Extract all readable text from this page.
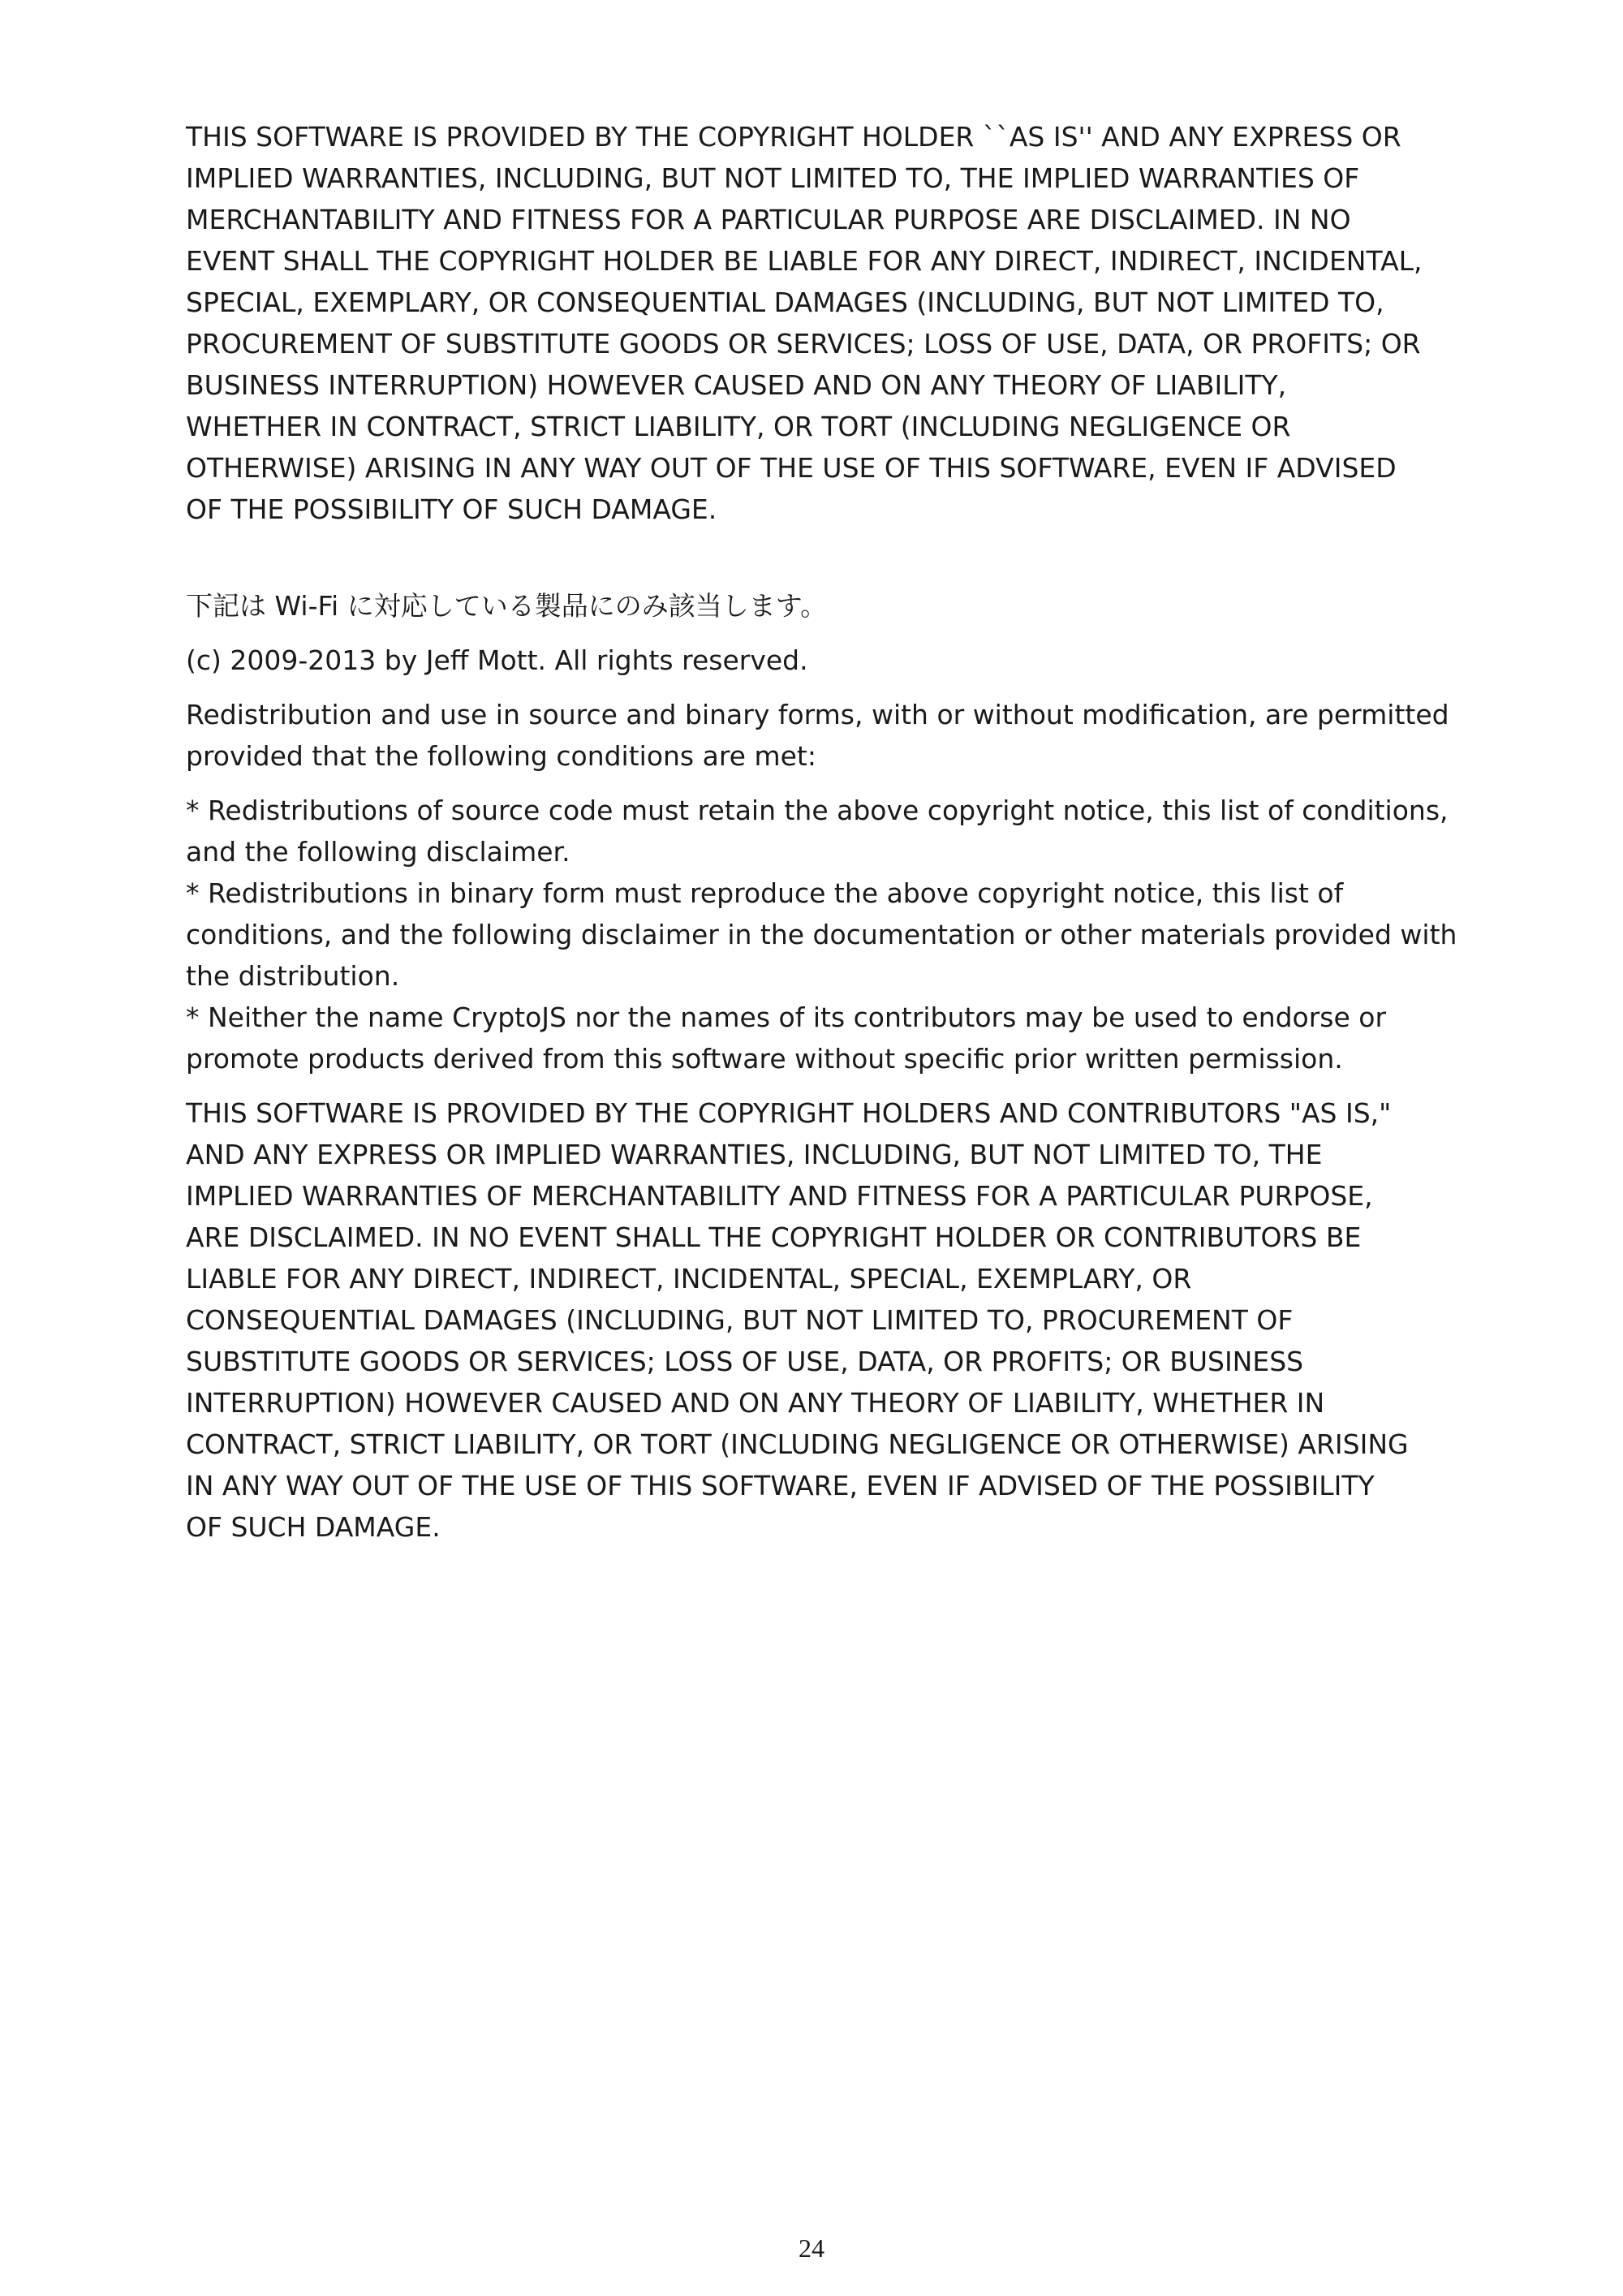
THIS SOFTWARE IS PROVIDED BY THE COPYRIGHT HOLDER ``AS IS'' AND ANY EXPRESS OR
IMPLIED WARRANTIES, INCLUDING, BUT NOT LIMITED TO, THE IMPLIED WARRANTIES OF
MERCHANTABILITY AND FITNESS FOR A PARTICULAR PURPOSE ARE DISCLAIMED. IN NO
EVENT SHALL THE COPYRIGHT HOLDER BE LIABLE FOR ANY DIRECT, INDIRECT, INCIDENTAL,
SPECIAL, EXEMPLARY, OR CONSEQUENTIAL DAMAGES (INCLUDING, BUT NOT LIMITED TO,
PROCUREMENT OF SUBSTITUTE GOODS OR SERVICES; LOSS OF USE, DATA, OR PROFITS; OR
BUSINESS INTERRUPTION) HOWEVER CAUSED AND ON ANY THEORY OF LIABILITY,
WHETHER IN CONTRACT, STRICT LIABILITY, OR TORT (INCLUDING NEGLIGENCE OR
OTHERWISE) ARISING IN ANY WAY OUT OF THE USE OF THIS SOFTWARE, EVEN IF ADVISED
OF THE POSSIBILITY OF SUCH DAMAGE.

下記は Wi-Fi に対応している製品にのみ該当します。

(c) 2009-2013 by Jeff Mott. All rights reserved.

Redistribution and use in source and binary forms, with or without modification, are permitted
provided that the following conditions are met:

* Redistributions of source code must retain the above copyright notice, this list of conditions,
and the following disclaimer.
* Redistributions in binary form must reproduce the above copyright notice, this list of
conditions, and the following disclaimer in the documentation or other materials provided with
the distribution.
* Neither the name CryptoJS nor the names of its contributors may be used to endorse or
promote products derived from this software without specific prior written permission.

THIS SOFTWARE IS PROVIDED BY THE COPYRIGHT HOLDERS AND CONTRIBUTORS "AS IS,"
AND ANY EXPRESS OR IMPLIED WARRANTIES, INCLUDING, BUT NOT LIMITED TO, THE
IMPLIED WARRANTIES OF MERCHANTABILITY AND FITNESS FOR A PARTICULAR PURPOSE,
ARE DISCLAIMED. IN NO EVENT SHALL THE COPYRIGHT HOLDER OR CONTRIBUTORS BE
LIABLE FOR ANY DIRECT, INDIRECT, INCIDENTAL, SPECIAL, EXEMPLARY, OR
CONSEQUENTIAL DAMAGES (INCLUDING, BUT NOT LIMITED TO, PROCUREMENT OF
SUBSTITUTE GOODS OR SERVICES; LOSS OF USE, DATA, OR PROFITS; OR BUSINESS
INTERRUPTION) HOWEVER CAUSED AND ON ANY THEORY OF LIABILITY, WHETHER IN
CONTRACT, STRICT LIABILITY, OR TORT (INCLUDING NEGLIGENCE OR OTHERWISE) ARISING
IN ANY WAY OUT OF THE USE OF THIS SOFTWARE, EVEN IF ADVISED OF THE POSSIBILITY
OF SUCH DAMAGE.

24
